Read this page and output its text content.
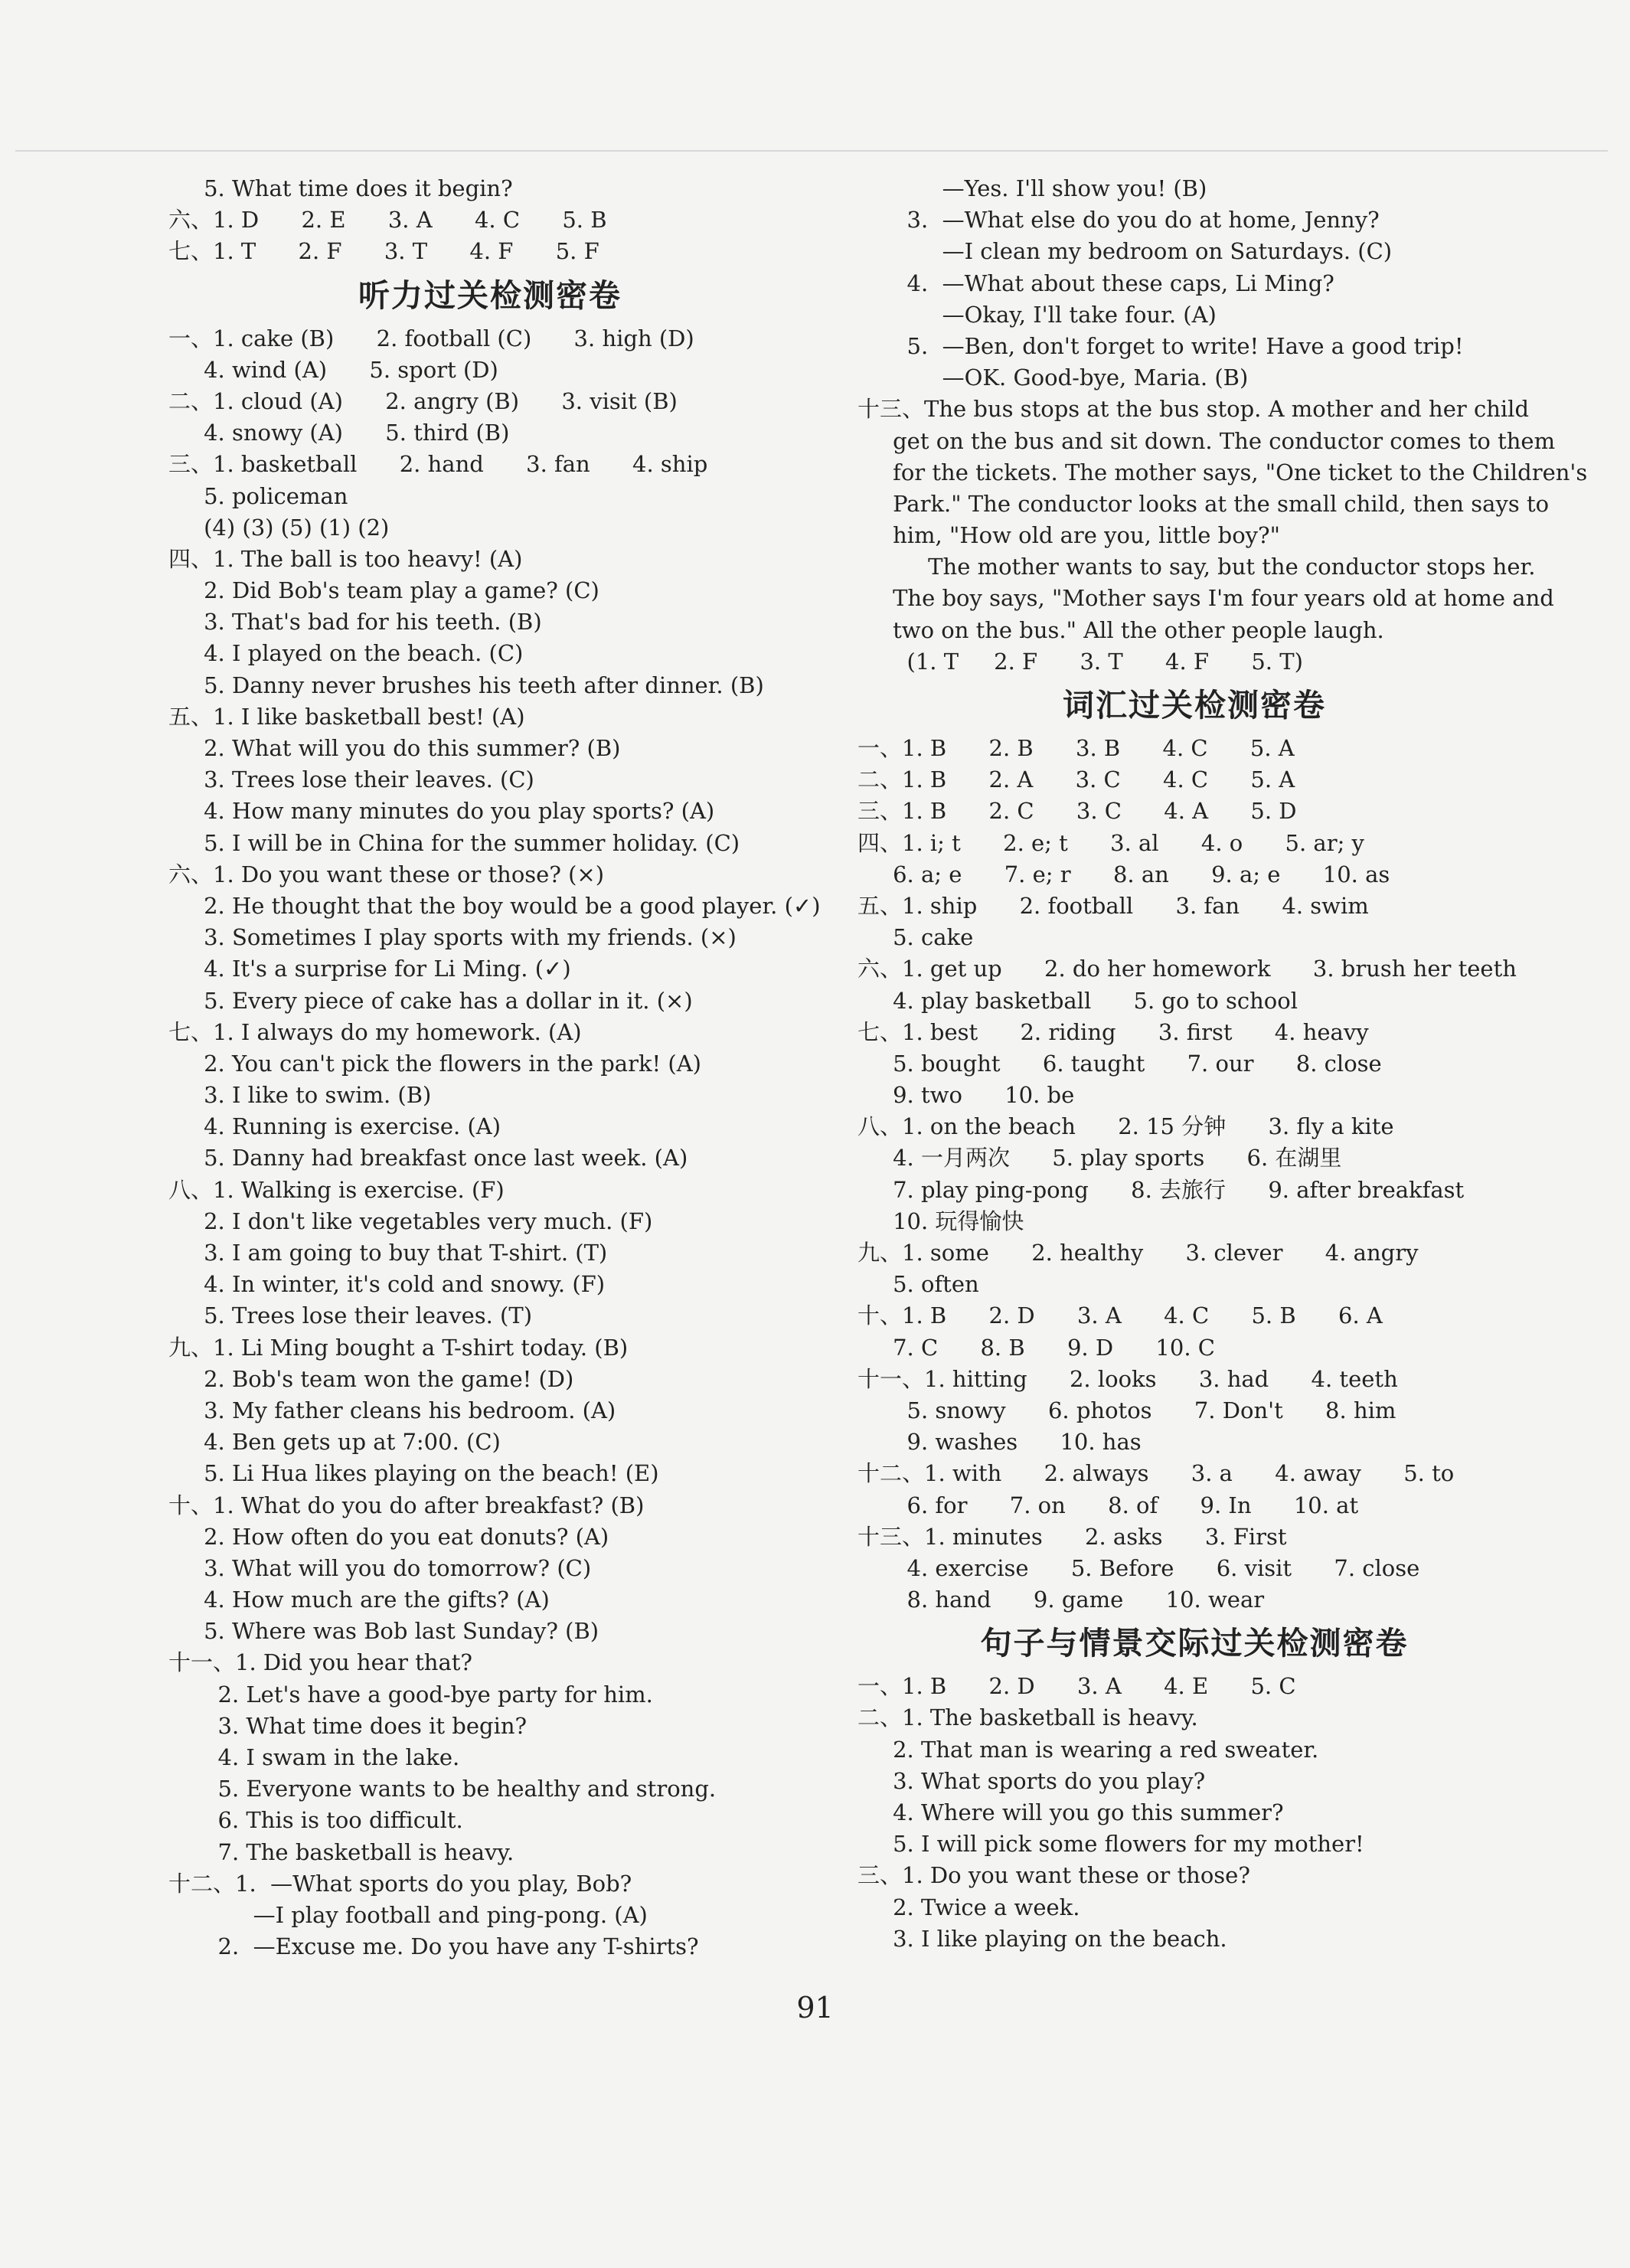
5. What time does it begin?
六、1. D      2. E      3. A      4. C      5. B
七、1. T      2. F      3. T      4. F      5. F
听力过关检测密卷
一、1. cake (B)      2. football (C)      3. high (D)
4. wind (A)      5. sport (D)
二、1. cloud (A)      2. angry (B)      3. visit (B)
4. snowy (A)      5. third (B)
三、1. basketball      2. hand      3. fan      4. ship
5. policeman
(4) (3) (5) (1) (2)
四、1. The ball is too heavy! (A)
2. Did Bob's team play a game? (C)
3. That's bad for his teeth. (B)
4. I played on the beach. (C)
5. Danny never brushes his teeth after dinner. (B)
五、1. I like basketball best! (A)
2. What will you do this summer? (B)
3. Trees lose their leaves. (C)
4. How many minutes do you play sports? (A)
5. I will be in China for the summer holiday. (C)
六、1. Do you want these or those? (×)
2. He thought that the boy would be a good player. (✓)
3. Sometimes I play sports with my friends. (×)
4. It's a surprise for Li Ming. (✓)
5. Every piece of cake has a dollar in it. (×)
七、1. I always do my homework. (A)
2. You can't pick the flowers in the park! (A)
3. I like to swim. (B)
4. Running is exercise. (A)
5. Danny had breakfast once last week. (A)
八、1. Walking is exercise. (F)
2. I don't like vegetables very much. (F)
3. I am going to buy that T-shirt. (T)
4. In winter, it's cold and snowy. (F)
5. Trees lose their leaves. (T)
九、1. Li Ming bought a T-shirt today. (B)
2. Bob's team won the game! (D)
3. My father cleans his bedroom. (A)
4. Ben gets up at 7:00. (C)
5. Li Hua likes playing on the beach! (E)
十、1. What do you do after breakfast? (B)
2. How often do you eat donuts? (A)
3. What will you do tomorrow? (C)
4. How much are the gifts? (A)
5. Where was Bob last Sunday? (B)
十一、1. Did you hear that?
2. Let's have a good-bye party for him.
3. What time does it begin?
4. I swam in the lake.
5. Everyone wants to be healthy and strong.
6. This is too difficult.
7. The basketball is heavy.
十二、1.  —What sports do you play, Bob?
—I play football and ping-pong. (A)
2.  —Excuse me. Do you have any T-shirts?
—Yes. I'll show you! (B)
3.  —What else do you do at home, Jenny?
—I clean my bedroom on Saturdays. (C)
4.  —What about these caps, Li Ming?
—Okay, I'll take four. (A)
5.  —Ben, don't forget to write! Have a good trip!
—OK. Good-bye, Maria. (B)
十三、The bus stops at the bus stop. A mother and her child
get on the bus and sit down. The conductor comes to them
for the tickets. The mother says, "One ticket to the Children's
Park." The conductor looks at the small child, then says to
him, "How old are you, little boy?"
The mother wants to say, but the conductor stops her.
The boy says, "Mother says I'm four years old at home and
two on the bus." All the other people laugh.
(1. T     2. F      3. T      4. F      5. T)
词汇过关检测密卷
一、1. B      2. B      3. B      4. C      5. A
二、1. B      2. A      3. C      4. C      5. A
三、1. B      2. C      3. C      4. A      5. D
四、1. i; t      2. e; t      3. al      4. o      5. ar; y
6. a; e      7. e; r      8. an      9. a; e      10. as
五、1. ship      2. football      3. fan      4. swim
5. cake
六、1. get up      2. do her homework      3. brush her teeth
4. play basketball      5. go to school
七、1. best      2. riding      3. first      4. heavy
5. bought      6. taught      7. our      8. close
9. two      10. be
八、1. on the beach      2. 15 分钟      3. fly a kite
4. 一月两次      5. play sports      6. 在湖里
7. play ping-pong      8. 去旅行      9. after breakfast
10. 玩得愉快
九、1. some      2. healthy      3. clever      4. angry
5. often
十、1. B      2. D      3. A      4. C      5. B      6. A
7. C      8. B      9. D      10. C
十一、1. hitting      2. looks      3. had      4. teeth
5. snowy      6. photos      7. Don't      8. him
9. washes      10. has
十二、1. with      2. always      3. a      4. away      5. to
6. for      7. on      8. of      9. In      10. at
十三、1. minutes      2. asks      3. First
4. exercise      5. Before      6. visit      7. close
8. hand      9. game      10. wear
句子与情景交际过关检测密卷
一、1. B      2. D      3. A      4. E      5. C
二、1. The basketball is heavy.
2. That man is wearing a red sweater.
3. What sports do you play?
4. Where will you go this summer?
5. I will pick some flowers for my mother!
三、1. Do you want these or those?
2. Twice a week.
3. I like playing on the beach.
91
